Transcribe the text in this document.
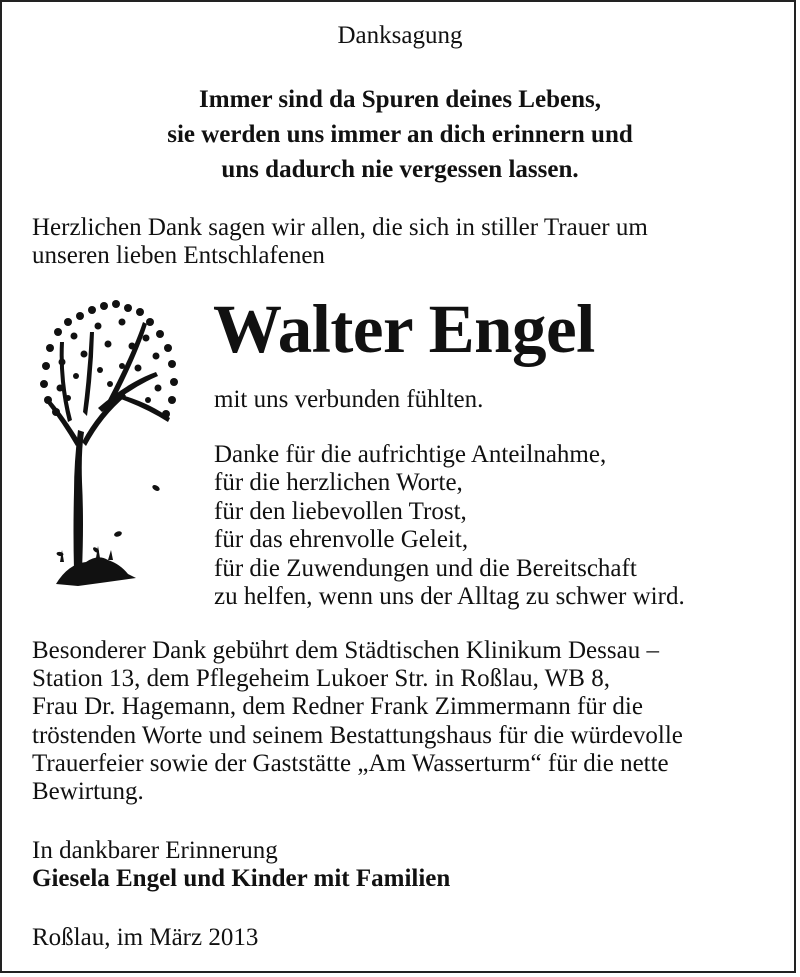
Danksagung
Immer sind da Spuren deines Lebens,
sie werden uns immer an dich erinnern und
uns dadurch nie vergessen lassen.
Herzlichen Dank sagen wir allen, die sich in stiller Trauer um
unseren lieben Entschlafenen
Walter Engel
mit uns verbunden fühlten.
Danke für die aufrichtige Anteilnahme,
für die herzlichen Worte,
für den liebevollen Trost,
für das ehrenvolle Geleit,
für die Zuwendungen und die Bereitschaft
zu helfen, wenn uns der Alltag zu schwer wird.
Besonderer Dank gebührt dem Städtischen Klinikum Dessau –
Station 13, dem Pflegeheim Lukoer Str. in Roßlau, WB 8,
Frau Dr. Hagemann, dem Redner Frank Zimmermann für die
tröstenden Worte und seinem Bestattungshaus für die würdevolle
Trauerfeier sowie der Gaststätte „Am Wasserturm“ für die nette
Bewirtung.
In dankbarer Erinnerung
Giesela Engel und Kinder mit Familien
Roßlau, im März 2013
